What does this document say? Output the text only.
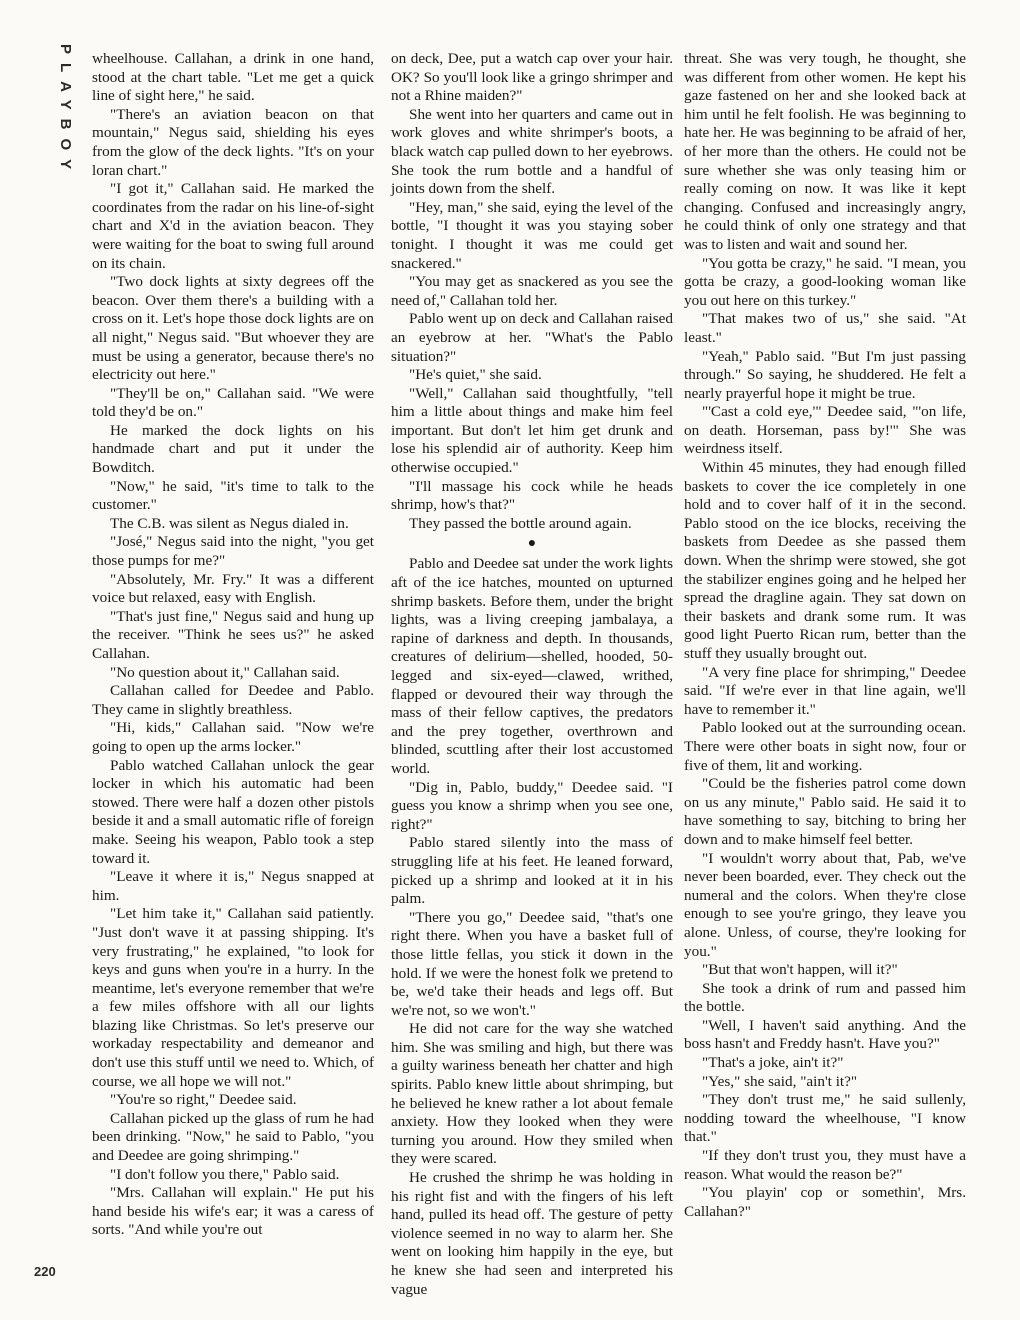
PLAYBOY wheelhouse. Callahan, a drink in one hand, stood at the chart table. "Let me get a quick line of sight here," he said.

"There's an aviation beacon on that mountain," Negus said, shielding his eyes from the glow of the deck lights. "It's on your loran chart."

"I got it," Callahan said. He marked the coordinates from the radar on his line-of-sight chart and X'd in the aviation beacon. They were waiting for the boat to swing full around on its chain.

"Two dock lights at sixty degrees off the beacon. Over them there's a building with a cross on it. Let's hope those dock lights are on all night," Negus said. "But whoever they are must be using a generator, because there's no electricity out here."

"They'll be on," Callahan said. "We were told they'd be on."

He marked the dock lights on his handmade chart and put it under the Bowditch.

"Now," he said, "it's time to talk to the customer."

The C.B. was silent as Negus dialed in.

"José," Negus said into the night, "you get those pumps for me?"

"Absolutely, Mr. Fry." It was a different voice but relaxed, easy with English.

"That's just fine," Negus said and hung up the receiver. "Think he sees us?" he asked Callahan.

"No question about it," Callahan said.

Callahan called for Deedee and Pablo. They came in slightly breathless.

"Hi, kids," Callahan said. "Now we're going to open up the arms locker."

Pablo watched Callahan unlock the gear locker in which his automatic had been stowed. There were half a dozen other pistols beside it and a small automatic rifle of foreign make. Seeing his weapon, Pablo took a step toward it.

"Leave it where it is," Negus snapped at him.

"Let him take it," Callahan said patiently. "Just don't wave it at passing shipping. It's very frustrating," he explained, "to look for keys and guns when you're in a hurry. In the meantime, let's everyone remember that we're a few miles offshore with all our lights blazing like Christmas. So let's preserve our workaday respectability and demeanor and don't use this stuff until we need to. Which, of course, we all hope we will not."

"You're so right," Deedee said.

Callahan picked up the glass of rum he had been drinking. "Now," he said to Pablo, "you and Deedee are going shrimping."

"I don't follow you there," Pablo said.

"Mrs. Callahan will explain." He put his hand beside his wife's ear; it was a caress of sorts. "And while you're out

on deck, Dee, put a watch cap over your hair. OK? So you'll look like a gringo shrimper and not a Rhine maiden?"

She went into her quarters and came out in work gloves and white shrimper's boots, a black watch cap pulled down to her eyebrows. She took the rum bottle and a handful of joints down from the shelf.

"Hey, man," she said, eying the level of the bottle, "I thought it was you staying sober tonight. I thought it was me could get snackered."

"You may get as snackered as you see the need of," Callahan told her.

Pablo went up on deck and Callahan raised an eyebrow at her. "What's the Pablo situation?"

"He's quiet," she said.

"Well," Callahan said thoughtfully, "tell him a little about things and make him feel important. But don't let him get drunk and lose his splendid air of authority. Keep him otherwise occupied."

"I'll massage his cock while he heads shrimp, how's that?"

They passed the bottle around again.

●

Pablo and Deedee sat under the work lights aft of the ice hatches, mounted on upturned shrimp baskets. Before them, under the bright lights, was a living creeping jambalaya, a rapine of darkness and depth. In thousands, creatures of delirium—shelled, hooded, 50-legged and six-eyed—clawed, writhed, flapped or devoured their way through the mass of their fellow captives, the predators and the prey together, overthrown and blinded, scuttling after their lost accustomed world.

"Dig in, Pablo, buddy," Deedee said. "I guess you know a shrimp when you see one, right?"

Pablo stared silently into the mass of struggling life at his feet. He leaned forward, picked up a shrimp and looked at it in his palm.

"There you go," Deedee said, "that's one right there. When you have a basket full of those little fellas, you stick it down in the hold. If we were the honest folk we pretend to be, we'd take their heads and legs off. But we're not, so we won't."

He did not care for the way she watched him. She was smiling and high, but there was a guilty wariness beneath her chatter and high spirits. Pablo knew little about shrimping, but he believed he knew rather a lot about female anxiety. How they looked when they were turning you around. How they smiled when they were scared.

He crushed the shrimp he was holding in his right fist and with the fingers of his left hand, pulled its head off. The gesture of petty violence seemed in no way to alarm her. She went on looking him happily in the eye, but he knew she had seen and interpreted his vague

threat. She was very tough, he thought, she was different from other women. He kept his gaze fastened on her and she looked back at him until he felt foolish. He was beginning to hate her. He was beginning to be afraid of her, of her more than the others. He could not be sure whether she was only teasing him or really coming on now. It was like it kept changing. Confused and increasingly angry, he could think of only one strategy and that was to listen and wait and sound her.

"You gotta be crazy," he said. "I mean, you gotta be crazy, a good-looking woman like you out here on this turkey."

"That makes two of us," she said. "At least."

"Yeah," Pablo said. "But I'm just passing through." So saying, he shuddered. He felt a nearly prayerful hope it might be true.

"'Cast a cold eye,'" Deedee said, "'on life, on death. Horseman, pass by!'" She was weirdness itself.

Within 45 minutes, they had enough filled baskets to cover the ice completely in one hold and to cover half of it in the second. Pablo stood on the ice blocks, receiving the baskets from Deedee as she passed them down. When the shrimp were stowed, she got the stabilizer engines going and he helped her spread the dragline again. They sat down on their baskets and drank some rum. It was good light Puerto Rican rum, better than the stuff they usually brought out.

"A very fine place for shrimping," Deedee said. "If we're ever in that line again, we'll have to remember it."

Pablo looked out at the surrounding ocean. There were other boats in sight now, four or five of them, lit and working.

"Could be the fisheries patrol come down on us any minute," Pablo said. He said it to have something to say, bitching to bring her down and to make himself feel better.

"I wouldn't worry about that, Pab, we've never been boarded, ever. They check out the numeral and the colors. When they're close enough to see you're gringo, they leave you alone. Unless, of course, they're looking for you."

"But that won't happen, will it?"

She took a drink of rum and passed him the bottle.

"Well, I haven't said anything. And the boss hasn't and Freddy hasn't. Have you?"

"That's a joke, ain't it?"

"Yes," she said, "ain't it?"

"They don't trust me," he said sullenly, nodding toward the wheelhouse, "I know that."

"If they don't trust you, they must have a reason. What would the reason be?"

"You playin' cop or somethin', Mrs. Callahan?"

220
